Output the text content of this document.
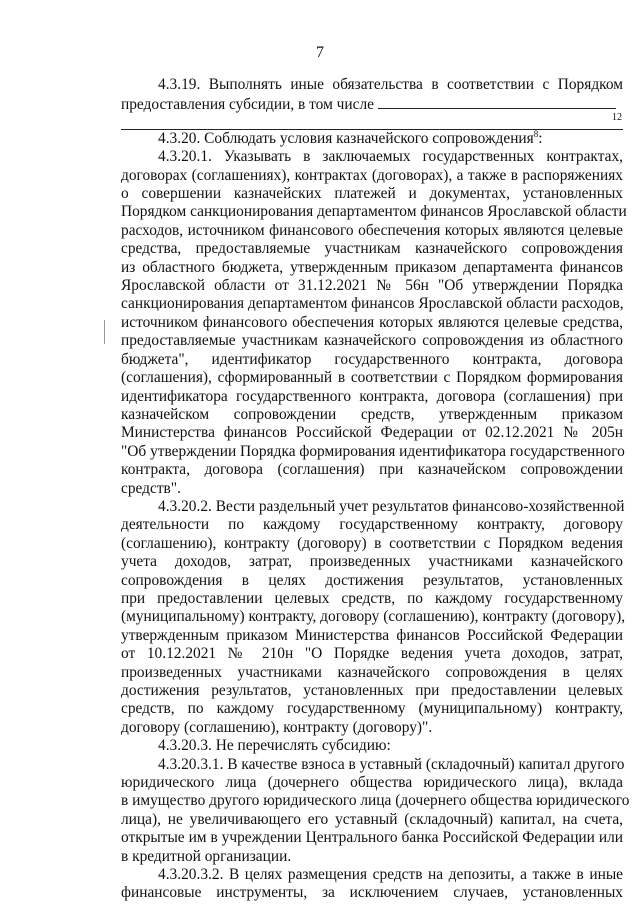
7
4.3.19. Выполнять иные обязательства в соответствии с Порядком
предоставления субсидии, в том числе
12
4.3.20. Соблюдать условия казначейского сопровождения$^8$:
4.3.20.1. Указывать в заключаемых государственных контрактах,
договорах (соглашениях), контрактах (договорах), а также в распоряжениях
о совершении казначейских платежей и документах, установленных
Порядком санкционирования департаментом финансов Ярославской области
расходов, источником финансового обеспечения которых являются целевые
средства, предоставляемые участникам казначейского сопровождения
из областного бюджета, утвержденным приказом департамента финансов
Ярославской области от 31.12.2021 № 56н "Об утверждении Порядка
санкционирования департаментом финансов Ярославской области расходов,
источником финансового обеспечения которых являются целевые средства,
предоставляемые участникам казначейского сопровождения из областного
бюджета", идентификатор государственного контракта, договора
(соглашения), сформированный в соответствии с Порядком формирования
идентификатора государственного контракта, договора (соглашения) при
казначейском сопровождении средств, утвержденным приказом
Министерства финансов Российской Федерации от 02.12.2021 № 205н
"Об утверждении Порядка формирования идентификатора государственного
контракта, договора (соглашения) при казначейском сопровождении
средств".
4.3.20.2. Вести раздельный учет результатов финансово-хозяйственной
деятельности по каждому государственному контракту, договору
(соглашению), контракту (договору) в соответствии с Порядком ведения
учета доходов, затрат, произведенных участниками казначейского
сопровождения в целях достижения результатов, установленных
при предоставлении целевых средств, по каждому государственному
(муниципальному) контракту, договору (соглашению), контракту (договору),
утвержденным приказом Министерства финансов Российской Федерации
от 10.12.2021 № 210н "О Порядке ведения учета доходов, затрат,
произведенных участниками казначейского сопровождения в целях
достижения результатов, установленных при предоставлении целевых
средств, по каждому государственному (муниципальному) контракту,
договору (соглашению), контракту (договору)".
4.3.20.3. Не перечислять субсидию:
4.3.20.3.1. В качестве взноса в уставный (складочный) капитал другого
юридического лица (дочернего общества юридического лица), вклада
в имущество другого юридического лица (дочернего общества юридического
лица), не увеличивающего его уставный (складочный) капитал, на счета,
открытые им в учреждении Центрального банка Российской Федерации или
в кредитной организации.
4.3.20.3.2. В целях размещения средств на депозиты, а также в иные
финансовые инструменты, за исключением случаев, установленных
